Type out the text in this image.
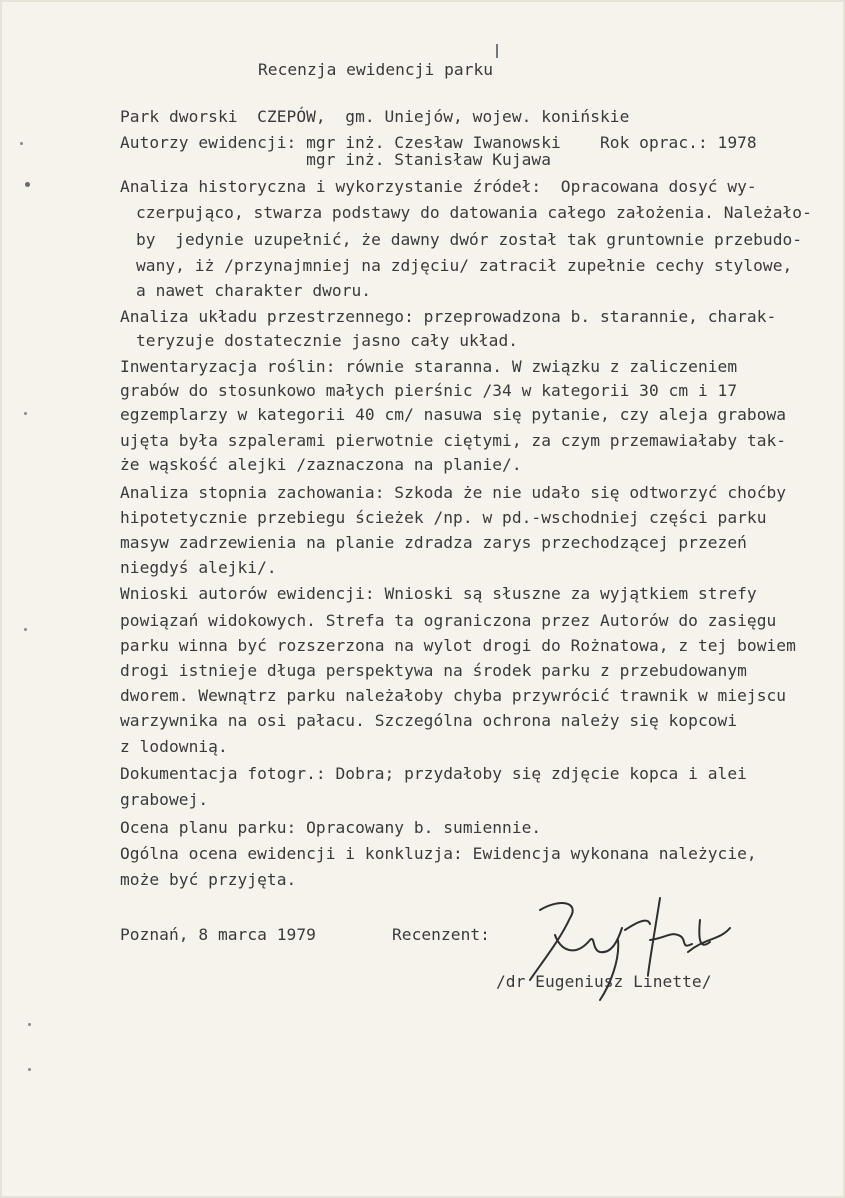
Recenzja ewidencji parku
Park dworski  CZEPÓW,  gm. Uniejów, wojew. konińskie
Autorzy ewidencji: mgr inż. Czesław Iwanowski    Rok oprac.: 1978
mgr inż. Stanisław Kujawa
Analiza historyczna i wykorzystanie źródeł:  Opracowana dosyć wy-
czerpująco, stwarza podstawy do datowania całego założenia. Należało-
by  jedynie uzupełnić, że dawny dwór został tak gruntownie przebudo-
wany, iż /przynajmniej na zdjęciu/ zatracił zupełnie cechy stylowe,
a nawet charakter dworu.
Analiza układu przestrzennego: przeprowadzona b. starannie, charak-
teryzuje dostatecznie jasno cały układ.
Inwentaryzacja roślin: równie staranna. W związku z zaliczeniem
grabów do stosunkowo małych pierśnic /34 w kategorii 30 cm i 17
egzemplarzy w kategorii 40 cm/ nasuwa się pytanie, czy aleja grabowa
ujęta była szpalerami pierwotnie ciętymi, za czym przemawiałaby tak-
że wąskość alejki /zaznaczona na planie/.
Analiza stopnia zachowania: Szkoda że nie udało się odtworzyć choćby
hipotetycznie przebiegu ścieżek /np. w pd.-wschodniej części parku
masyw zadrzewienia na planie zdradza zarys przechodzącej przezeń
niegdyś alejki/.
Wnioski autorów ewidencji: Wnioski są słuszne za wyjątkiem strefy
powiązań widokowych. Strefa ta ograniczona przez Autorów do zasięgu
parku winna być rozszerzona na wylot drogi do Rożnatowa, z tej bowiem
drogi istnieje długa perspektywa na środek parku z przebudowanym
dworem. Wewnątrz parku należałoby chyba przywrócić trawnik w miejscu
warzywnika na osi pałacu. Szczególna ochrona należy się kopcowi
z lodownią.
Dokumentacja fotogr.: Dobra; przydałoby się zdjęcie kopca i alei
grabowej.
Ocena planu parku: Opracowany b. sumiennie.
Ogólna ocena ewidencji i konkluzja: Ewidencja wykonana należycie,
może być przyjęta.
Poznań, 8 marca 1979	Recenzent:
/dr Eugeniusz Linette/
